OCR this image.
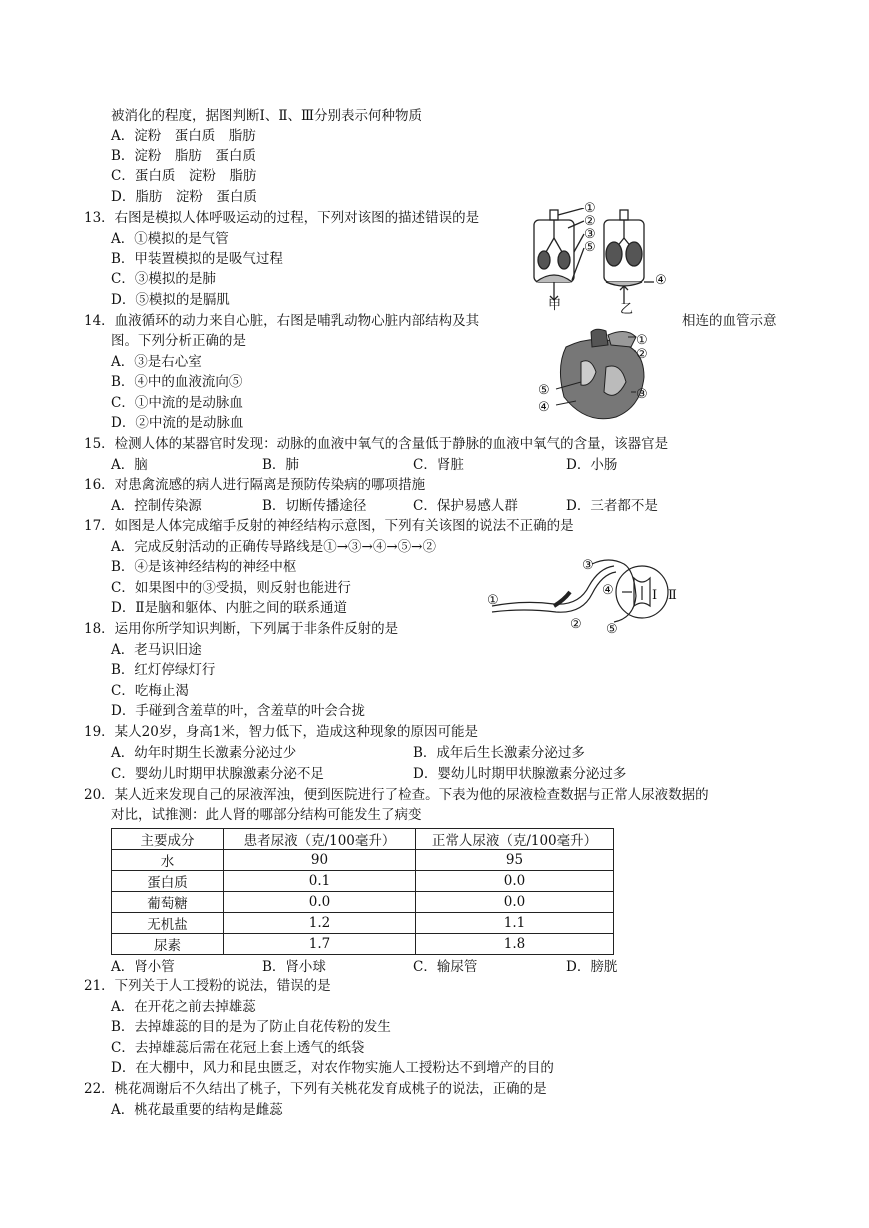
被消化的程度，据图判断Ⅰ、Ⅱ、Ⅲ分别表示何种物质
A．淀粉　蛋白质　脂肪
B．淀粉　脂肪　蛋白质
C．蛋白质　淀粉　脂肪
D．脂肪　淀粉　蛋白质
13．右图是模拟人体呼吸运动的过程，下列对该图的描述错误的是
A．①模拟的是气管
B．甲装置模拟的是吸气过程
C．③模拟的是肺
D．⑤模拟的是膈肌
14．血液循环的动力来自心脏，右图是哺乳动物心脏内部结构及其	相连的血管示意
图。下列分析正确的是
A．③是右心室
B．④中的血液流向⑤
C．①中流的是动脉血
D．②中流的是动脉血
15．检测人体的某器官时发现：动脉的血液中氧气的含量低于静脉的血液中氧气的含量，该器官是
16．对患禽流感的病人进行隔离是预防传染病的哪项措施
17．如图是人体完成缩手反射的神经结构示意图，下列有关该图的说法不正确的是
A．完成反射活动的正确传导路线是①→③→④→⑤→②
B．④是该神经结构的神经中枢
C．如果图中的③受损，则反射也能进行
D．Ⅱ是脑和躯体、内脏之间的联系通道
18．运用你所学知识判断，下列属于非条件反射的是
A．老马识旧途
B．红灯停绿灯行
C．吃梅止渴
D．手碰到含羞草的叶，含羞草的叶会合拢
19．某人20岁，身高1米，智力低下，造成这种现象的原因可能是
A．幼年时期生长激素分泌过少	B．成年后生长激素分泌过多
C．婴幼儿时期甲状腺激素分泌不足	D．婴幼儿时期甲状腺激素分泌过多
20．某人近来发现自己的尿液浑浊，便到医院进行了检查。下表为他的尿液检查数据与正常人尿液数据的
对比，试推测：此人肾的哪部分结构可能发生了病变
21．下列关于人工授粉的说法，错误的是
A．在开花之前去掉雄蕊
B．去掉雄蕊的目的是为了防止自花传粉的发生
C．去掉雄蕊后需在花冠上套上透气的纸袋
D．在大棚中，风力和昆虫匮乏，对农作物实施人工授粉达不到增产的目的
22．桃花凋谢后不久结出了桃子，下列有关桃花发育成桃子的说法，正确的是
A．桃花最重要的结构是雌蕊
A．脑	B．肺	C．肾脏	D．小肠
A．控制传染源	B．切断传播途径	C．保护易感人群	D．三者都不是
A．肾小管	B．肾小球	C．输尿管	D．膀胱
主要成分	患者尿液（克/100毫升）	正常人尿液（克/100毫升）
水	90	95
蛋白质	0.1	0.0
葡萄糖	0.0	0.0
无机盐	1.2	1.1
尿素	1.7	1.8
①
②
③
⑤
④
甲	乙
①
②
⑤	③
④
③
①
④	Ⅰ Ⅱ
② ⑤
